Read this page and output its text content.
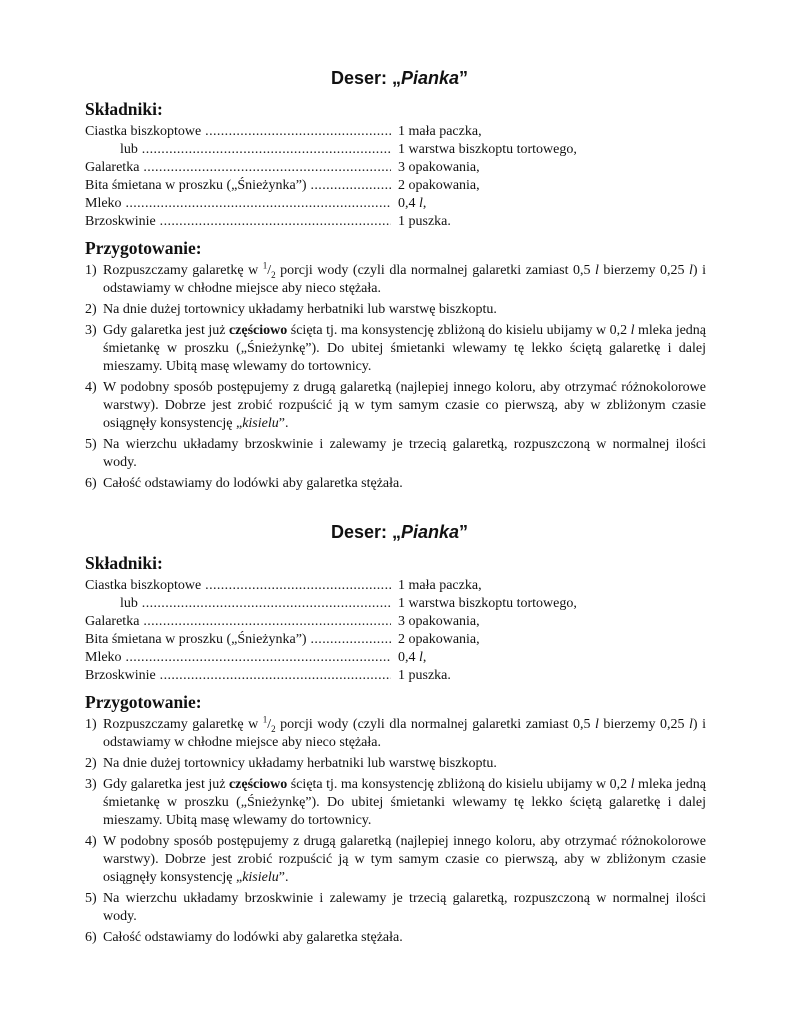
Deser: „Pianka”
Składniki:
Ciastka biszkoptowe .....	1 mała paczka,
lub .....	1 warstwa biszkoptu tortowego,
Galaretka .....	3 opakowania,
Bita śmietana w proszku („Śnieżynka”) .....	2 opakowania,
Mleko .....	0,4 l,
Brzoskwinie .....	1 puszka.
Przygotowanie:
1) Rozpuszczamy galaretkę w $^1/_2$ porcji wody (czyli dla normalnej galaretki zamiast 0,5 l bierzemy 0,25 l) i odstawiamy w chłodne miejsce aby nieco stężała.
2) Na dnie dużej tortownicy układamy herbatniki lub warstwę biszkoptu.
3) Gdy galaretka jest już częściowo ścięta tj. ma konsystencję zbliżoną do kisielu ubijamy w 0,2 l mleka jedną śmietankę w proszku („Śnieżynkę”). Do ubitej śmietanki wlewamy tę lekko ściętą galaretkę i dalej mieszamy. Ubitą masę wlewamy do tortownicy.
4) W podobny sposób postępujemy z drugą galaretką (najlepiej innego koloru, aby otrzymać różnokolorowe warstwy). Dobrze jest zrobić rozpuścić ją w tym samym czasie co pierwszą, aby w zbliżonym czasie osiągnęły konsystencję „kisielu”.
5) Na wierzchu układamy brzoskwinie i zalewamy je trzecią galaretką, rozpuszczoną w normalnej ilości wody.
6) Całość odstawiamy do lodówki aby galaretka stężała.
Deser: „Pianka”
Składniki:
Ciastka biszkoptowe .....	1 mała paczka,
lub .....	1 warstwa biszkoptu tortowego,
Galaretka .....	3 opakowania,
Bita śmietana w proszku („Śnieżynka”) .....	2 opakowania,
Mleko .....	0,4 l,
Brzoskwinie .....	1 puszka.
Przygotowanie:
1) Rozpuszczamy galaretkę w $^1/_2$ porcji wody (czyli dla normalnej galaretki zamiast 0,5 l bierzemy 0,25 l) i odstawiamy w chłodne miejsce aby nieco stężała.
2) Na dnie dużej tortownicy układamy herbatniki lub warstwę biszkoptu.
3) Gdy galaretka jest już częściowo ścięta tj. ma konsystencję zbliżoną do kisielu ubijamy w 0,2 l mleka jedną śmietankę w proszku („Śnieżynkę”). Do ubitej śmietanki wlewamy tę lekko ściętą galaretkę i dalej mieszamy. Ubitą masę wlewamy do tortownicy.
4) W podobny sposób postępujemy z drugą galaretką (najlepiej innego koloru, aby otrzymać różnokolorowe warstwy). Dobrze jest zrobić rozpuścić ją w tym samym czasie co pierwszą, aby w zbliżonym czasie osiągnęły konsystencję „kisielu”.
5) Na wierzchu układamy brzoskwinie i zalewamy je trzecią galaretką, rozpuszczoną w normalnej ilości wody.
6) Całość odstawiamy do lodówki aby galaretka stężała.
